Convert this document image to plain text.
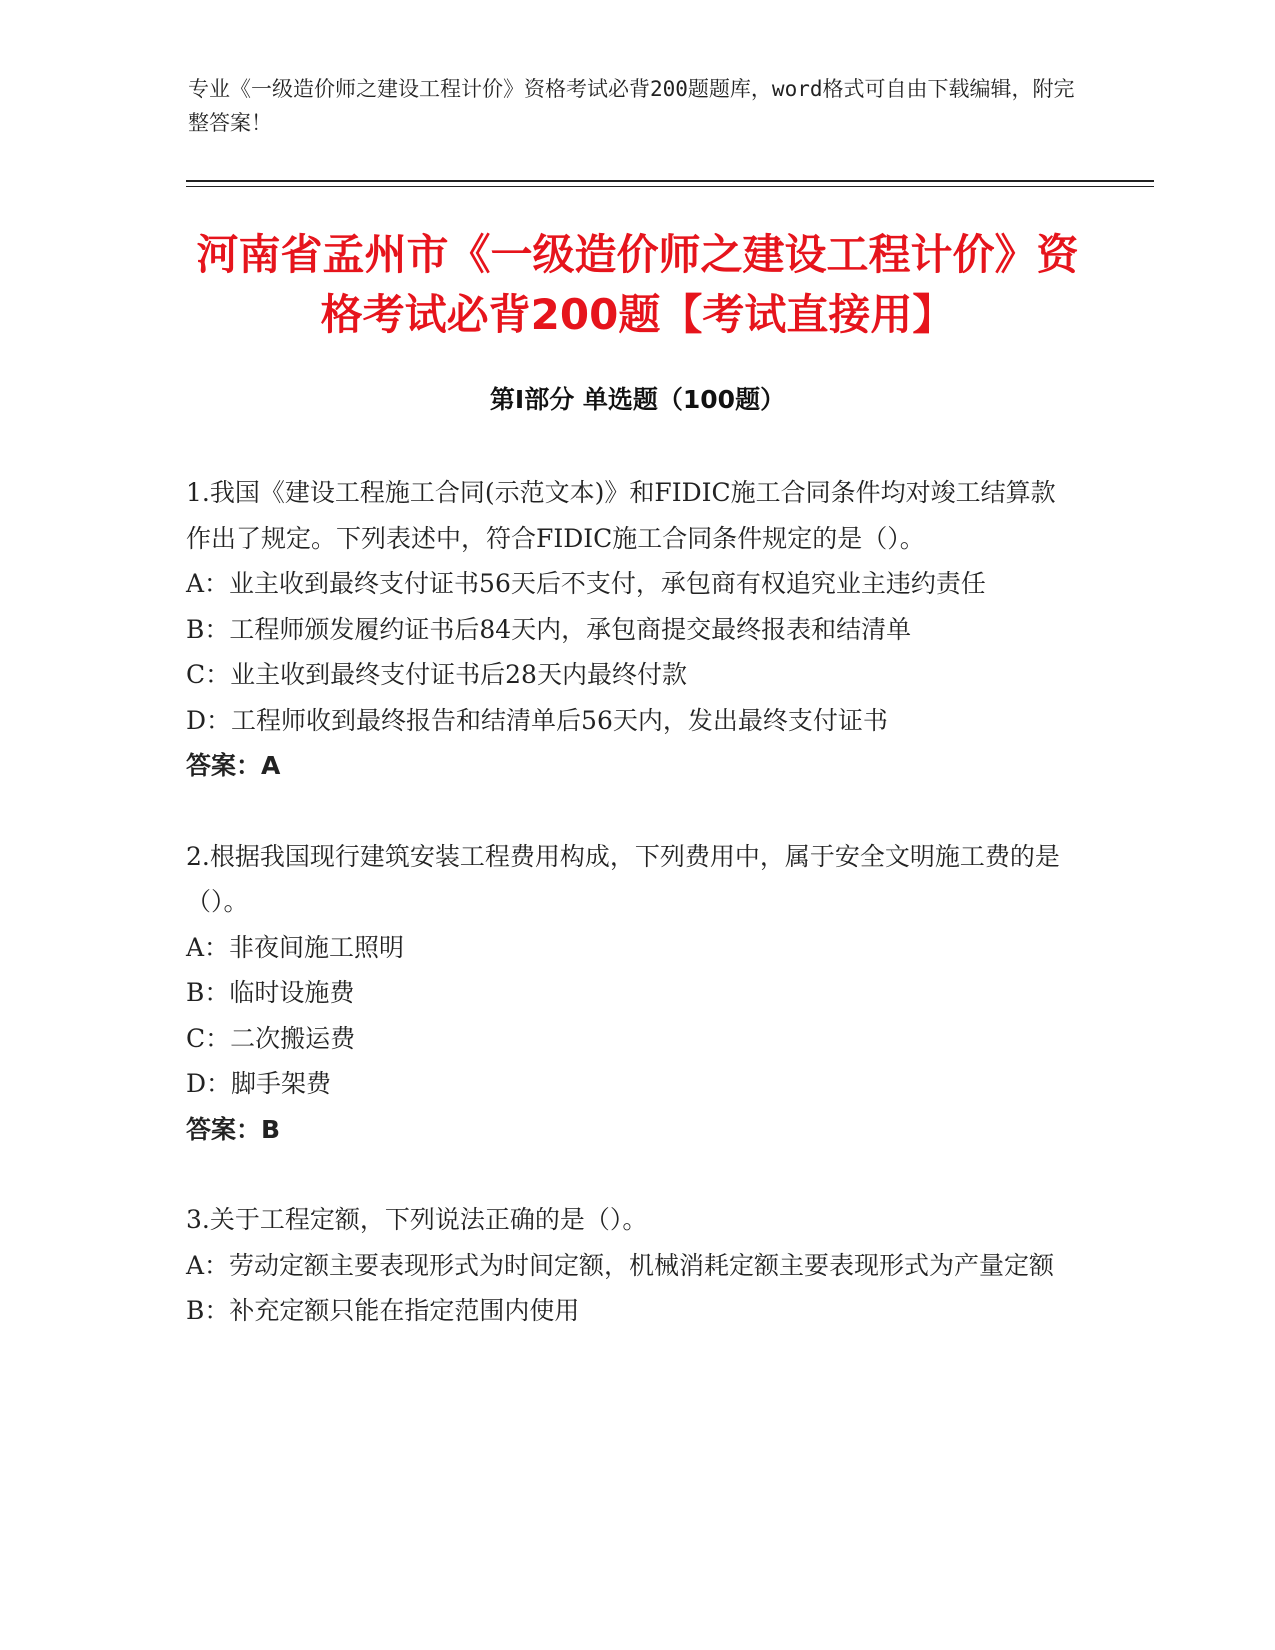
专业《一级造价师之建设工程计价》资格考试必背200题题库，word格式可自由下载编辑，附完整答案！
河南省孟州市《一级造价师之建设工程计价》资格考试必背200题【考试直接用】
第I部分 单选题（100题）

1.我国《建设工程施工合同(示范文本)》和FIDIC施工合同条件均对竣工结算款作出了规定。下列表述中，符合FIDIC施工合同条件规定的是（）。

A：业主收到最终支付证书56天后不支付，承包商有权追究业主违约责任

B：工程师颁发履约证书后84天内，承包商提交最终报表和结清单

C：业主收到最终支付证书后28天内最终付款

D：工程师收到最终报告和结清单后56天内，发出最终支付证书

答案：A

2.根据我国现行建筑安装工程费用构成，下列费用中，属于安全文明施工费的是（）。

A：非夜间施工照明

B：临时设施费

C：二次搬运费

D：脚手架费

答案：B

3.关于工程定额，下列说法正确的是（）。

A：劳动定额主要表现形式为时间定额，机械消耗定额主要表现形式为产量定额

B：补充定额只能在指定范围内使用
